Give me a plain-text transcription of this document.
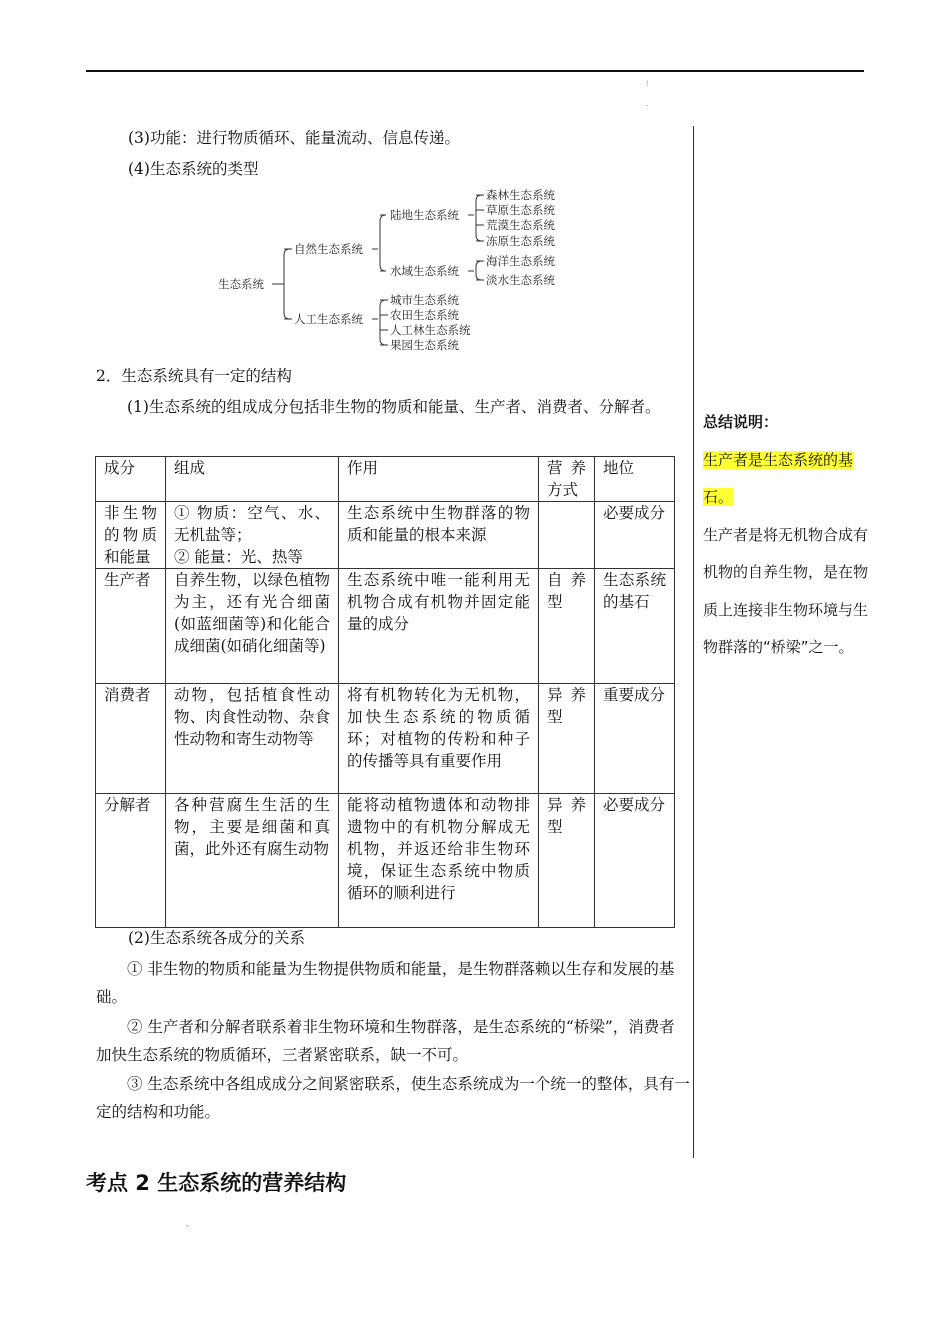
⁝
.
(3)功能：进行物质循环、能量流动、信息传递。
(4)生态系统的类型
生态系统
自然生态系统
陆地生态系统
森林生态系统
草原生态系统
荒漠生态系统
冻原生态系统
水域生态系统
海洋生态系统
淡水生态系统
人工生态系统
城市生态系统
农田生态系统
人工林生态系统
果园生态系统
2．生态系统具有一定的结构
(1)生态系统的组成成分包括非生物的物质和能量、生产者、消费者、分解者。
成分	组成	作用	营养方式	地位
非生物的物质和能量	① 物质：空气、水、无机盐等；
② 能量：光、热等	生态系统中生物群落的物质和能量的根本来源		必要成分
生产者	自养生物，以绿色植物为主，还有光合细菌(如蓝细菌等)和化能合成细菌(如硝化细菌等)	生态系统中唯一能利用无机物合成有机物并固定能量的成分	自养型	生态系统的基石
消费者	动物，包括植食性动物、肉食性动物、杂食性动物和寄生动物等	将有机物转化为无机物，加快生态系统的物质循环；对植物的传粉和种子的传播等具有重要作用	异养型	重要成分
分解者	各种营腐生生活的生物，主要是细菌和真菌，此外还有腐生动物	能将动植物遗体和动物排遗物中的有机物分解成无机物，并返还给非生物环境，保证生态系统中物质循环的顺利进行	异养型	必要成分
(2)生态系统各成分的关系
① 非生物的物质和能量为生物提供物质和能量，是生物群落赖以生存和发展的基础。
② 生产者和分解者联系着非生物环境和生物群落，是生态系统的“桥梁”，消费者加快生态系统的物质循环，三者紧密联系，缺一不可。
③ 生态系统中各组成成分之间紧密联系，使生态系统成为一个统一的整体，具有一定的结构和功能。
总结说明：
生产者是生态系统的基石。
生产者是将无机物合成有机物的自养生物，是在物质上连接非生物环境与生物群落的“桥梁”之一。
考点 2 生态系统的营养结构
,
